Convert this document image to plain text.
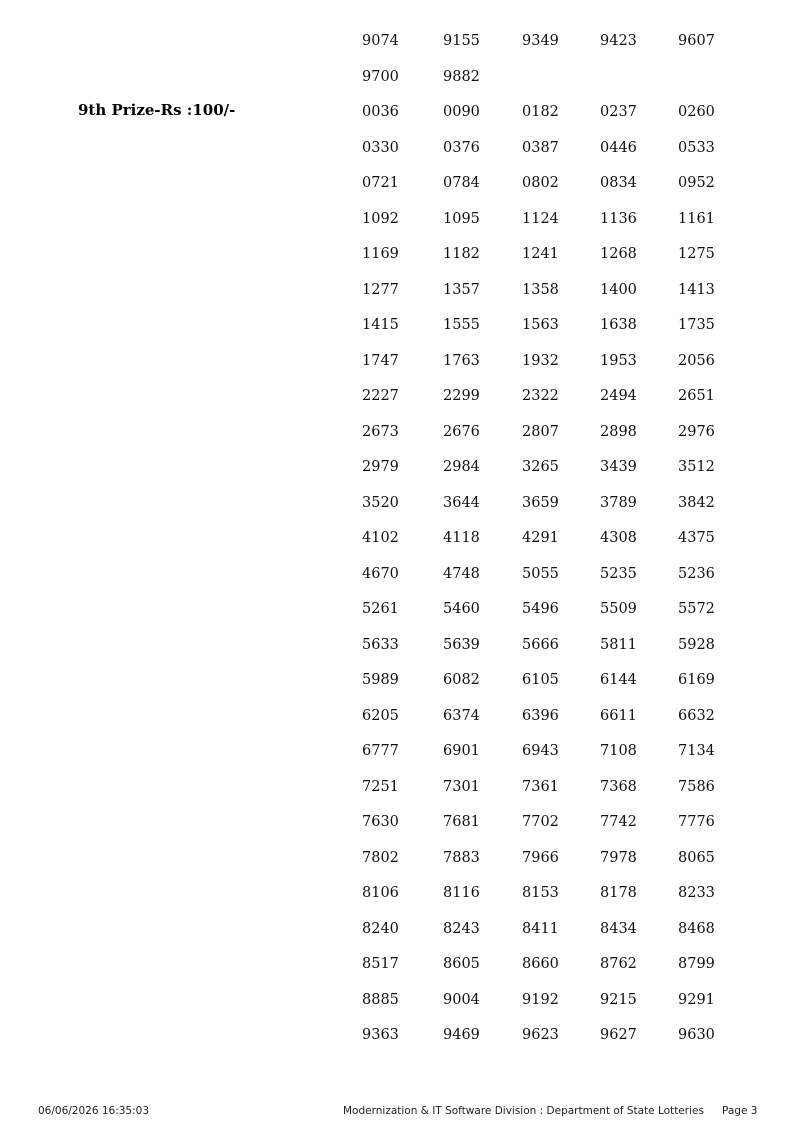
9th Prize-Rs :100/-
9074	9155	9349	9423	9607
9700	9882
0036	0090	0182	0237	0260
0330	0376	0387	0446	0533
0721	0784	0802	0834	0952
1092	1095	1124	1136	1161
1169	1182	1241	1268	1275
1277	1357	1358	1400	1413
1415	1555	1563	1638	1735
1747	1763	1932	1953	2056
2227	2299	2322	2494	2651
2673	2676	2807	2898	2976
2979	2984	3265	3439	3512
3520	3644	3659	3789	3842
4102	4118	4291	4308	4375
4670	4748	5055	5235	5236
5261	5460	5496	5509	5572
5633	5639	5666	5811	5928
5989	6082	6105	6144	6169
6205	6374	6396	6611	6632
6777	6901	6943	7108	7134
7251	7301	7361	7368	7586
7630	7681	7702	7742	7776
7802	7883	7966	7978	8065
8106	8116	8153	8178	8233
8240	8243	8411	8434	8468
8517	8605	8660	8762	8799
8885	9004	9192	9215	9291
9363	9469	9623	9627	9630
06/06/2026 16:35:03	Modernization & IT Software Division : Department of State Lotteries Page 3
